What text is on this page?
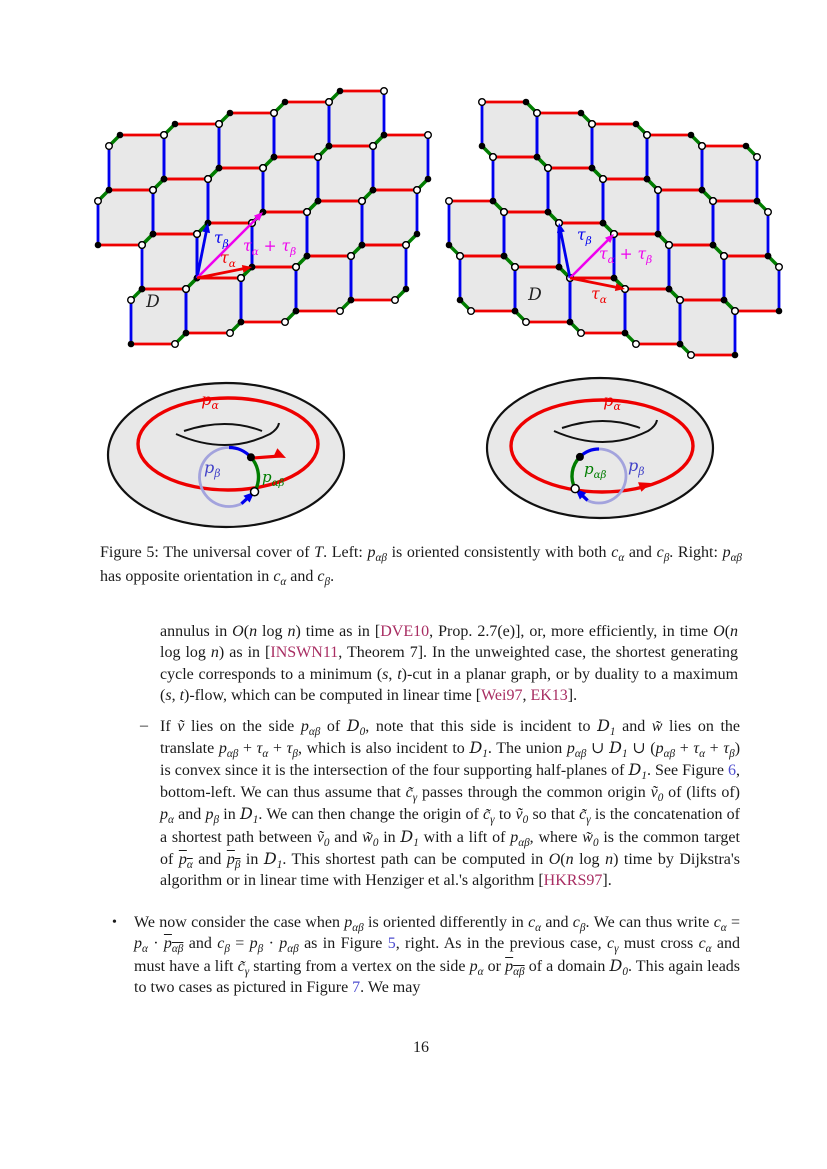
$\tau_\beta$ $\tau_\alpha + \tau_\beta$
$\tau_\alpha$
D
$\tau_\beta$
$\tau_\alpha + \tau_\beta$
$\tau_\alpha$
D
$p_\alpha$
$p_\beta$	$p_{\alpha\beta}$
$p_\alpha$
$p_\beta$
$p_{\alpha\beta}$
Figure 5: The universal cover of T. Left: $p_{\alpha\beta}$ is oriented consistently with both $c_\alpha$ and $c_\beta$. Right: $p_{\alpha\beta}$ has opposite orientation in $c_\alpha$ and $c_\beta$.
annulus in O(n log n) time as in [DVE10, Prop. 2.7(e)], or, more efficiently, in time O(n log log n) as in [INSWN11, Theorem 7]. In the unweighted case, the shortest generating cycle corresponds to a minimum (s, t)-cut in a planar graph, or by duality to a maximum (s, t)-flow, which can be computed in linear time [Wei97, EK13].
– If ṽ lies on the side $p_{\alpha\beta}$ of $D_0$, note that this side is incident to $D_1$ and w̃ lies on the translate $p_{\alpha\beta} + \tau_\alpha + \tau_\beta$, which is also incident to $D_1$. The union $p_{\alpha\beta}$ ∪ $D_1$ ∪ $(p_{\alpha\beta} + \tau_\alpha + \tau_\beta)$ is convex since it is the intersection of the four supporting half-planes of $D_1$. See Figure 6, bottom-left. We can thus assume that $c̃_\gamma$ passes through the common origin ṽ$_0$ of (lifts of) $p_\alpha$ and $p_\beta$ in $D_1$. We can then change the origin of $c̃_\gamma$ to ṽ$_0$ so that $c̃_\gamma$ is the concatenation of a shortest path between ṽ$_0$ and $w̃_0$ in $D_1$ with a lift of $p_{\alpha\beta}$, where $w̃_0$ is the common target of $p_\alpha$ and $p_\beta$ in $D_1$. This shortest path can be computed in O(n log n) time by Dijkstra's algorithm or in linear time with Henziger et al.'s algorithm [HKRS97].
•	We now consider the case when $p_{\alpha\beta}$ is oriented differently in $c_\alpha$ and $c_\beta$. We can thus write $c_\alpha = p_\alpha \cdot p_{\alpha\beta}$ and $c_\beta = p_\beta \cdot p_{\alpha\beta}$ as in Figure 5, right. As in the previous case, $c_\gamma$ must cross $c_\alpha$ and must have a lift $c̃_\gamma$ starting from a vertex on the side $p_\alpha$ or $p_{\alpha\beta}$ of a domain $D_0$. This again leads to two cases as pictured in Figure 7. We may
16
